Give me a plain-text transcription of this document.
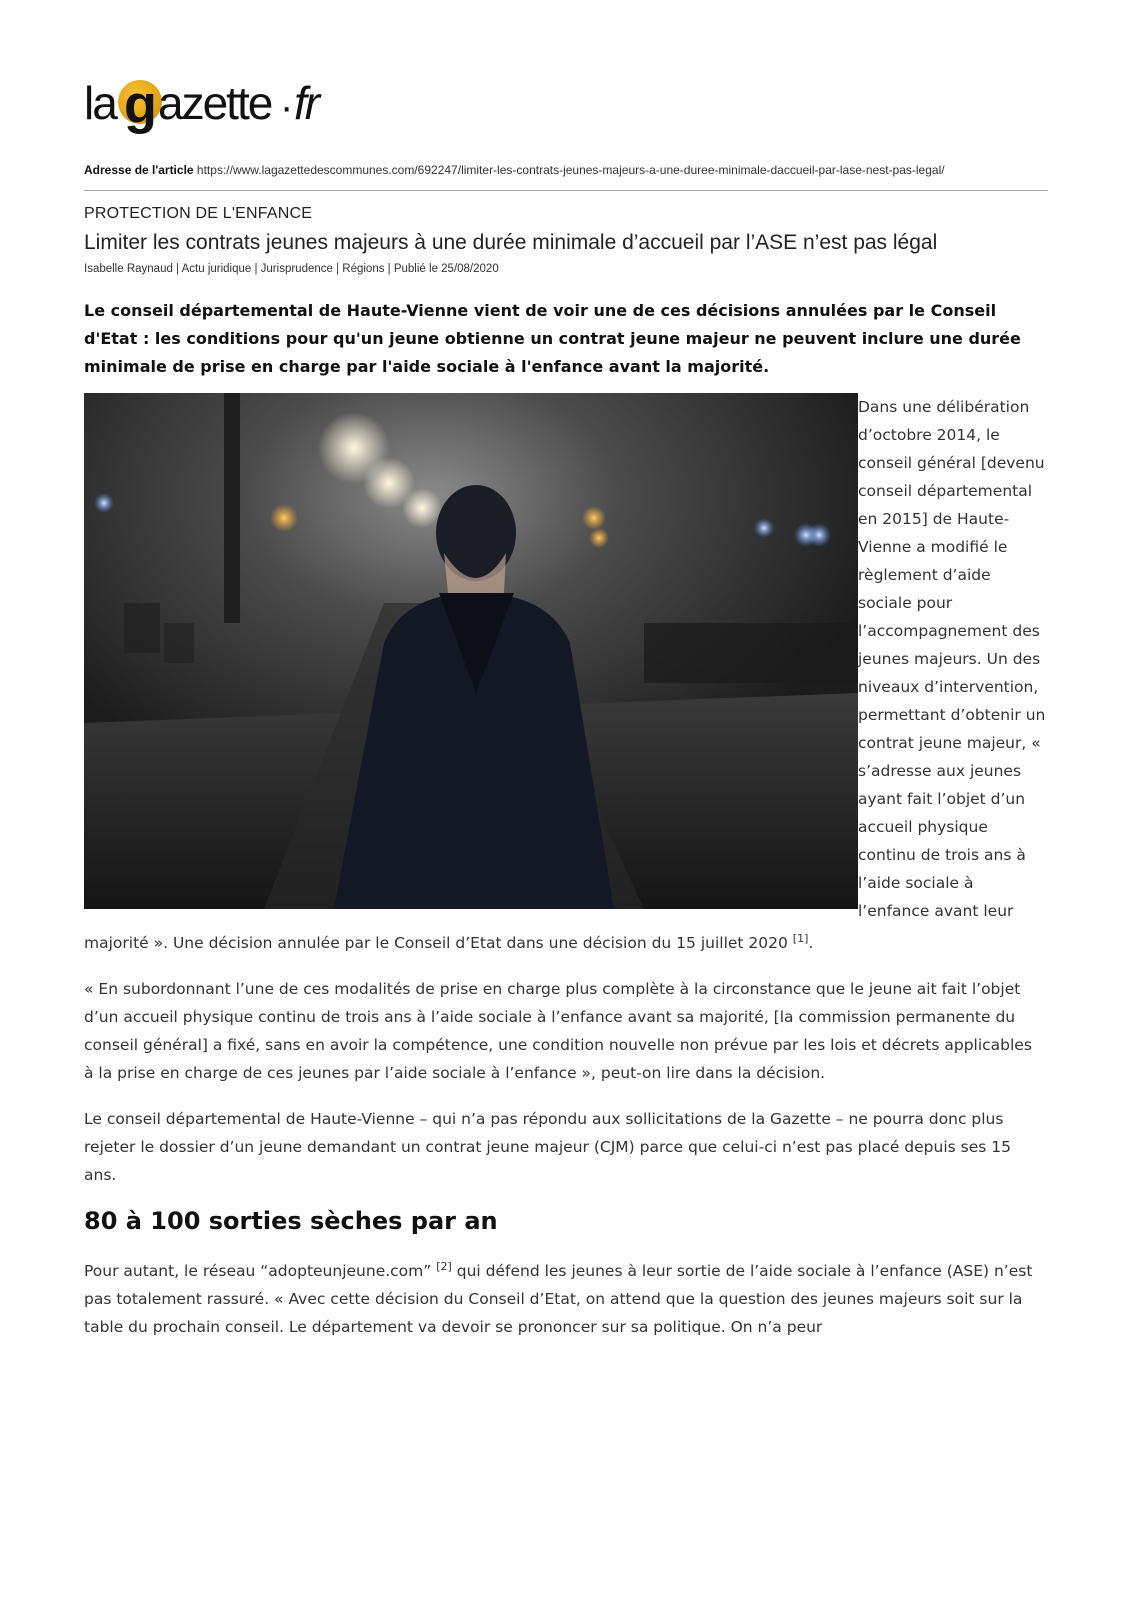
la g azette · fr
Adresse de l'article https://www.lagazettedescommunes.com/692247/limiter-les-contrats-jeunes-majeurs-a-une-duree-minimale-daccueil-par-lase-nest-pas-legal/
PROTECTION DE L'ENFANCE
Limiter les contrats jeunes majeurs à une durée minimale d’accueil par l’ASE n’est pas légal
Isabelle Raynaud | Actu juridique | Jurisprudence | Régions | Publié le 25/08/2020
Le conseil départemental de Haute-Vienne vient de voir une de ces décisions annulées par le Conseil d'Etat : les conditions pour qu'un jeune obtienne un contrat jeune majeur ne peuvent inclure une durée minimale de prise en charge par l'aide sociale à l'enfance avant la majorité.

Dans une délibération d’octobre 2014, le conseil général [devenu conseil départemental en 2015] de Haute-Vienne a modifié le règlement d’aide sociale pour l’accompagnement des jeunes majeurs. Un des niveaux d’intervention, permettant d’obtenir un contrat jeune majeur, « s’adresse aux jeunes ayant fait l’objet d’un accueil physique continu de trois ans à l’aide sociale à l’enfance avant leur majorité ». Une décision annulée par le Conseil d’Etat dans une décision du 15 juillet 2020 [1].

« En subordonnant l’une de ces modalités de prise en charge plus complète à la circonstance que le jeune ait fait l’objet d’un accueil physique continu de trois ans à l’aide sociale à l’enfance avant sa majorité, [la commission permanente du conseil général] a fixé, sans en avoir la compétence, une condition nouvelle non prévue par les lois et décrets applicables à la prise en charge de ces jeunes par l’aide sociale à l’enfance », peut-on lire dans la décision.

Le conseil départemental de Haute-Vienne – qui n’a pas répondu aux sollicitations de la Gazette – ne pourra donc plus rejeter le dossier d’un jeune demandant un contrat jeune majeur (CJM) parce que celui-ci n’est pas placé depuis ses 15 ans.

80 à 100 sorties sèches par an

Pour autant, le réseau “adopteunjeune.com” [2] qui défend les jeunes à leur sortie de l’aide sociale à l’enfance (ASE) n’est pas totalement rassuré. « Avec cette décision du Conseil d’Etat, on attend que la question des jeunes majeurs soit sur la table du prochain conseil. Le département va devoir se prononcer sur sa politique. On n’a peur
